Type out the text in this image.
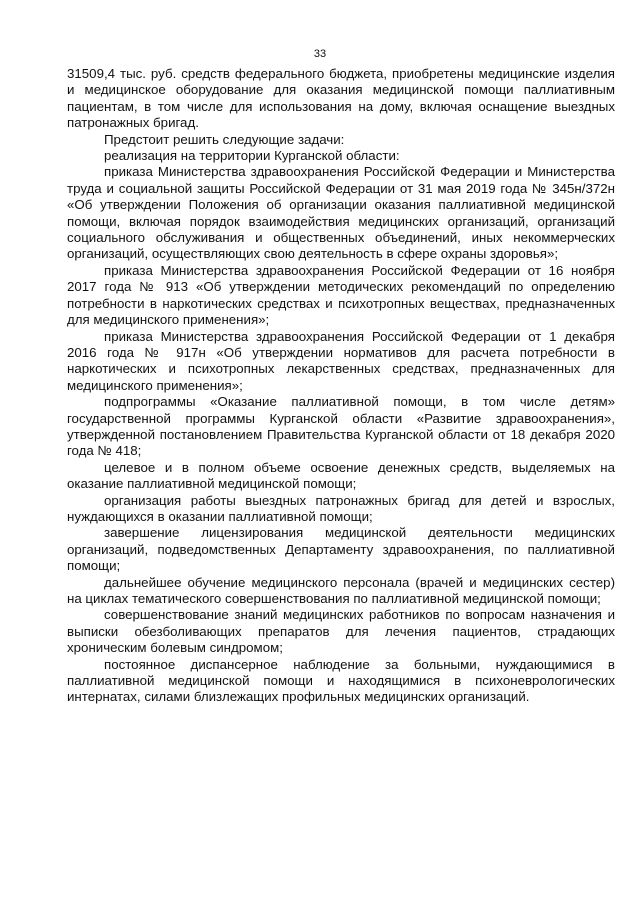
33

31509,4 тыс. руб. средств федерального бюджета, приобретены медицинские изделия и медицинское оборудование для оказания медицинской помощи паллиативным пациентам, в том числе для использования на дому, включая оснащение выездных патронажных бригад.

Предстоит решить следующие задачи:

реализация на территории Курганской области:

приказа Министерства здравоохранения Российской Федерации и Министерства труда и социальной защиты Российской Федерации от 31 мая 2019 года № 345н/372н «Об утверждении Положения об организации оказания паллиативной медицинской помощи, включая порядок взаимодействия медицинских организаций, организаций социального обслуживания и общественных объединений, иных некоммерческих организаций, осуществляющих свою деятельность в сфере охраны здоровья»;

приказа Министерства здравоохранения Российской Федерации от 16 ноября 2017 года № 913 «Об утверждении методических рекомендаций по определению потребности в наркотических средствах и психотропных веществах, предназначенных для медицинского применения»;

приказа Министерства здравоохранения Российской Федерации от 1 декабря 2016 года № 917н «Об утверждении нормативов для расчета потребности в наркотических и психотропных лекарственных средствах, предназначенных для медицинского применения»;

подпрограммы «Оказание паллиативной помощи, в том числе детям» государственной программы Курганской области «Развитие здравоохранения», утвержденной постановлением Правительства Курганской области от 18 декабря 2020 года № 418;

целевое и в полном объеме освоение денежных средств, выделяемых на оказание паллиативной медицинской помощи;

организация работы выездных патронажных бригад для детей и взрослых, нуждающихся в оказании паллиативной помощи;

завершение лицензирования медицинской деятельности медицинских организаций, подведомственных Департаменту здравоохранения, по паллиативной помощи;

дальнейшее обучение медицинского персонала (врачей и медицинских сестер) на циклах тематического совершенствования по паллиативной медицинской помощи;

совершенствование знаний медицинских работников по вопросам назначения и выписки обезболивающих препаратов для лечения пациентов, страдающих хроническим болевым синдромом;

постоянное диспансерное наблюдение за больными, нуждающимися в паллиативной медицинской помощи и находящимися в психоневрологических интернатах, силами близлежащих профильных медицинских организаций.
